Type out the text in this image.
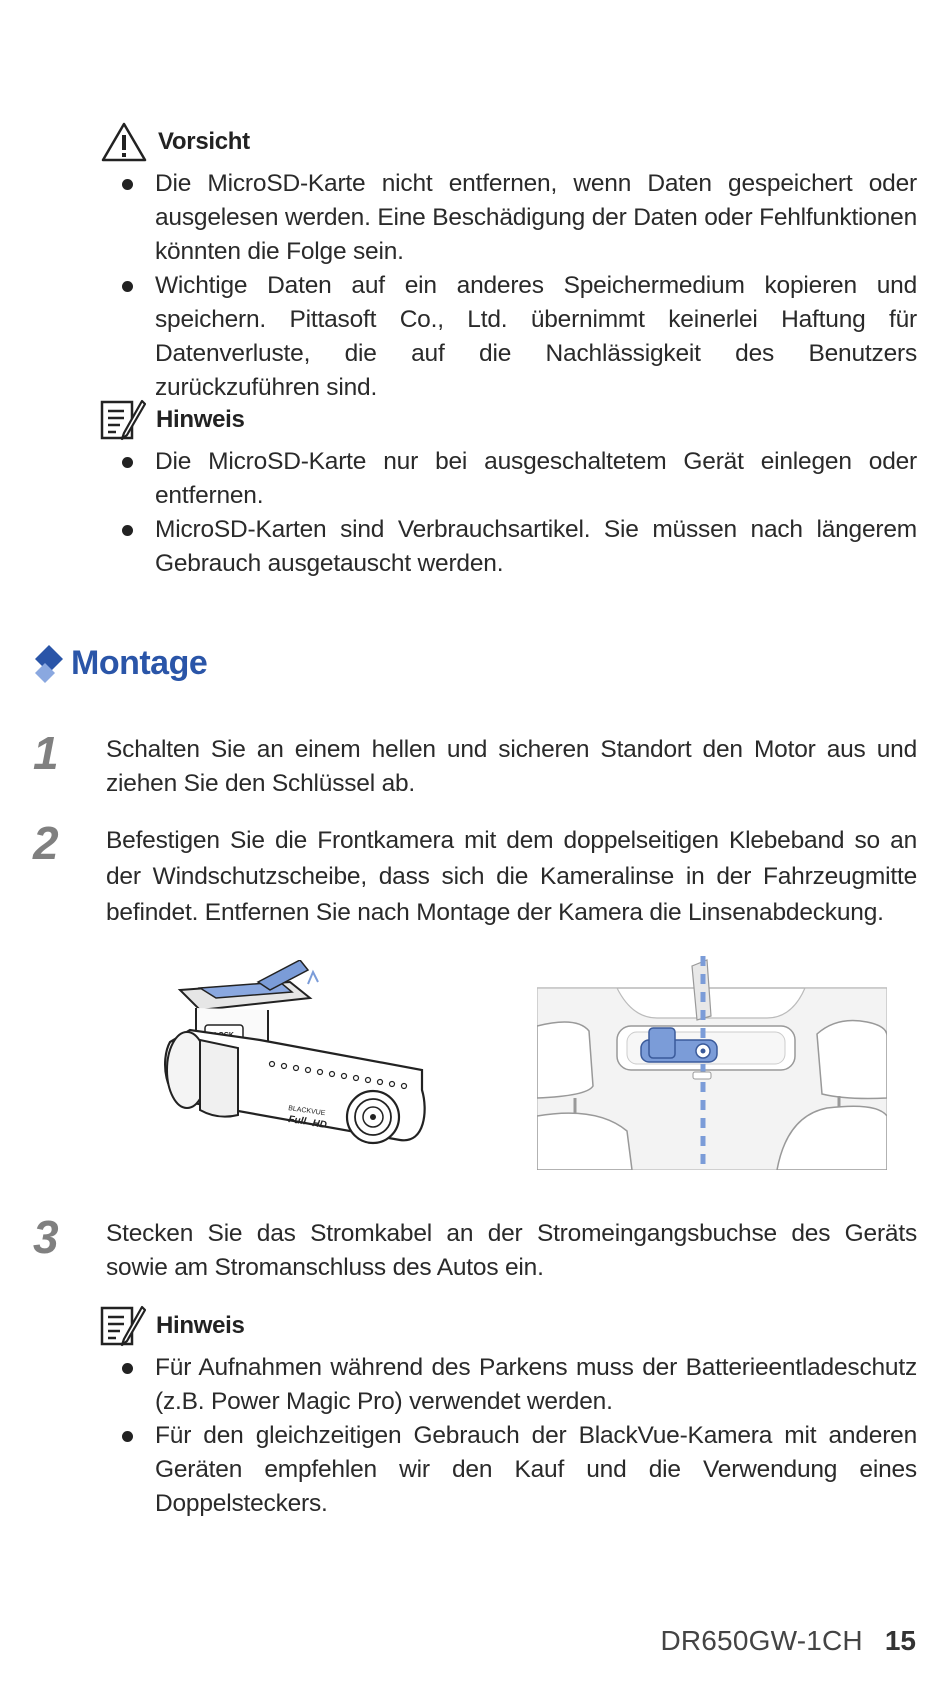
Vorsicht
Die MicroSD-Karte nicht entfernen, wenn Daten gespeichert oder ausgelesen werden. Eine Beschädigung der Daten oder Fehlfunktionen könnten die Folge sein.
Wichtige Daten auf ein anderes Speichermedium kopieren und speichern. Pittasoft Co., Ltd. übernimmt keinerlei Haftung für Datenverluste, die auf die Nachlässigkeit des Benutzers zurückzuführen sind.
Hinweis
Die MicroSD-Karte nur bei ausgeschaltetem Gerät einlegen oder entfernen.
MicroSD-Karten sind Verbrauchsartikel. Sie müssen nach längerem Gebrauch ausgetauscht werden.
Montage
1 Schalten Sie an einem hellen und sicheren Standort den Motor aus und ziehen Sie den Schlüssel ab.
2 Befestigen Sie die Frontkamera mit dem doppelseitigen Klebeband so an der Windschutzscheibe, dass sich die Kameralinse in der Fahrzeugmitte befindet. Entfernen Sie nach Montage der Kamera die Linsenabdeckung.
BLACKVUE
Full HD
3 Stecken Sie das Stromkabel an der Stromeingangsbuchse des Geräts sowie am Stromanschluss des Autos ein.
Hinweis
Für Aufnahmen während des Parkens muss der Batterieentladeschutz (z.B. Power Magic Pro) verwendet werden.
Für den gleichzeitigen Gebrauch der BlackVue-Kamera mit anderen Geräten empfehlen wir den Kauf und die Verwendung eines Doppelsteckers.
DR650GW-1CH 15
